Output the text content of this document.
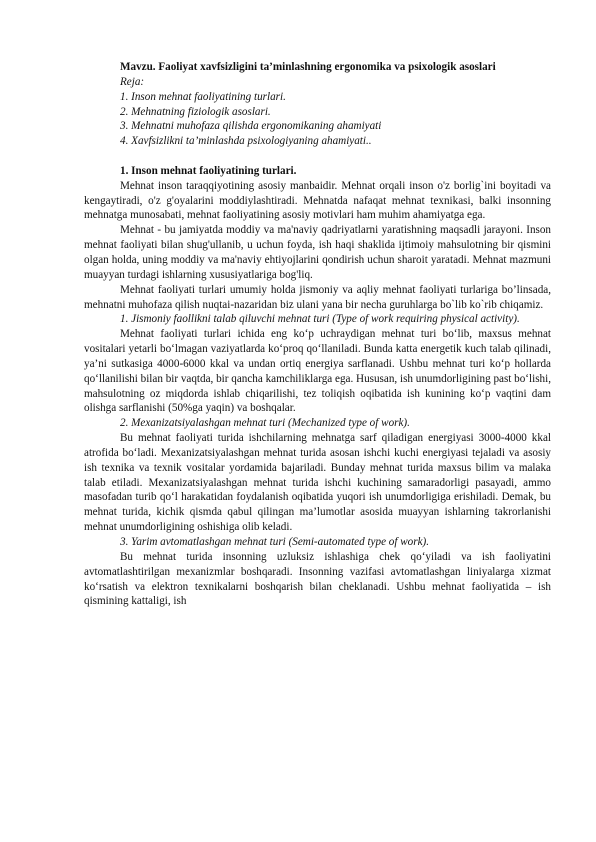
Mavzu. Faoliyat xavfsizligini ta’minlashning ergonomika va psixologik asoslari

Reja:

1. Inson mehnat faoliyatining turlari.

2. Mehnatning fiziologik asoslari.

3. Mehnatni muhofaza qilishda ergonomikaning ahamiyati

4. Xavfsizlikni ta’minlashda psixologiyaning ahamiyati..

1. Inson mehnat faoliyatining turlari.

Mehnat inson taraqqiyotining asosiy manbaidir. Mehnat orqali inson o'z borlig`ini boyitadi va kengaytiradi, o'z g'oyalarini moddiylashtiradi. Mehnatda nafaqat mehnat texnikasi, balki insonning mehnatga munosabati, mehnat faoliyatining asosiy motivlari ham muhim ahamiyatga ega.

Mehnat - bu jamiyatda moddiy va ma'naviy qadriyatlarni yaratishning maqsadli jarayoni. Inson mehnat faoliyati bilan shug'ullanib, u uchun foyda, ish haqi shaklida ijtimoiy mahsulotning bir qismini olgan holda, uning moddiy va ma'naviy ehtiyojlarini qondirish uchun sharoit yaratadi. Mehnat mazmuni muayyan turdagi ishlarning xususiyatlariga bog'liq.

Mehnat faoliyati turlari umumiy holda jismoniy va aqliy mehnat faoliyati turlariga bo’linsada, mehnatni muhofaza qilish nuqtai-nazaridan biz ulani yana bir necha guruhlarga bo`lib ko`rib chiqamiz.

1. Jismoniy faollikni talab qiluvchi mehnat turi (Type of work requiring physical activity).

Mehnat faoliyati turlari ichida eng ko‘p uchraydigan mehnat turi bo‘lib, maxsus mehnat vositalari yetarli bo‘lmagan vaziyatlarda ko‘proq qo‘llaniladi. Bunda katta energetik kuch talab qilinadi, ya’ni sutkasiga 4000-6000 kkal va undan ortiq energiya sarflanadi. Ushbu mehnat turi ko‘p hollarda qo‘llanilishi bilan bir vaqtda, bir qancha kamchiliklarga ega. Hususan, ish unumdorligining past bo‘lishi, mahsulotning oz miqdorda ishlab chiqarilishi, tez toliqish oqibatida ish kunining ko‘p vaqtini dam olishga sarflanishi (50%ga yaqin) va boshqalar.

2. Mexanizatsiyalashgan mehnat turi (Mechanized type of work).

Bu mehnat faoliyati turida ishchilarning mehnatga sarf qiladigan energiyasi 3000-4000 kkal atrofida bo‘ladi. Mexanizatsiyalashgan mehnat turida asosan ishchi kuchi energiyasi tejaladi va asosiy ish texnika va texnik vositalar yordamida bajariladi. Bunday mehnat turida maxsus bilim va malaka talab etiladi. Mexanizatsiyalashgan mehnat turida ishchi kuchining samaradorligi pasayadi, ammo masofadan turib qo‘l harakatidan foydalanish oqibatida yuqori ish unumdorligiga erishiladi. Demak, bu mehnat turida, kichik qismda qabul qilingan ma’lumotlar asosida muayyan ishlarning takrorlanishi mehnat unumdorligining oshishiga olib keladi.

3. Yarim avtomatlashgan mehnat turi (Semi-automated type of work).

Bu mehnat turida insonning uzluksiz ishlashiga chek qo‘yiladi va ish faoliyatini avtomatlashtirilgan mexanizmlar boshqaradi. Insonning vazifasi avtomatlashgan liniyalarga xizmat ko‘rsatish va elektron texnikalarni boshqarish bilan cheklanadi. Ushbu mehnat faoliyatida – ish qismining kattaligi, ish
